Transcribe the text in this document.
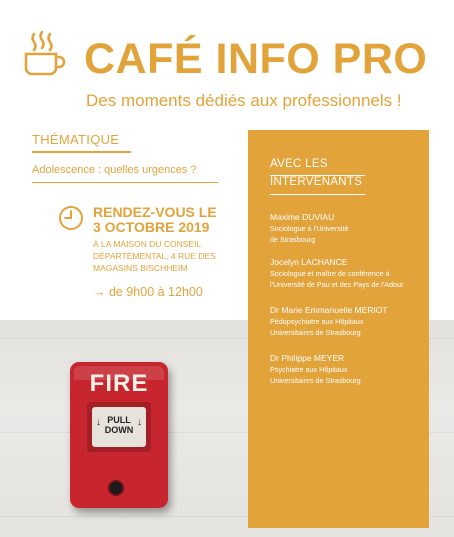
CAFÉ INFO PRO
Des moments dédiés aux professionnels !
THÉMATIQUE
Adolescence : quelles urgences ?
RENDEZ-VOUS LE
3 OCTOBRE 2019
À LA MAISON DU CONSEIL
DÉPARTEMENTAL, 4 RUE DES
MAGASINS BISCHHEIM
→ de 9h00 à 12h00
FIRE
↓ PULL
DOWN
↓
AVEC LES
INTERVENANTS
Maxime DUVIAU
Sociologue à l'Université
de Strasbourg
Jocelyn LACHANCE
Sociologue et maître de conférence à
l'Université de Pau et des Pays de l'Adour
Dr Marie Emmanuelle MERIOT
Pédopsychiatre aux Hôpitaux
Universitaires de Strasbourg
Dr Philippe MEYER
Psychiatre aux Hôpitaux
Universitaires de Strasbourg
